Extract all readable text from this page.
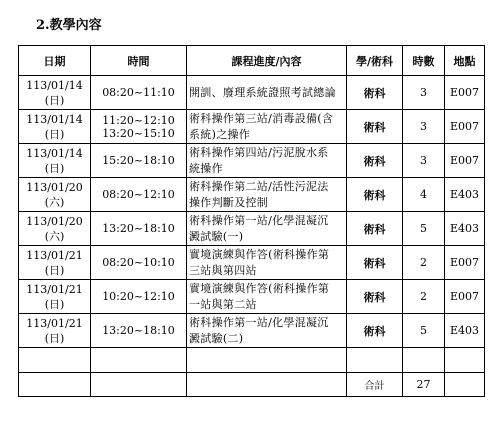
2.教學內容
日期	時間	課程進度/內容	學/術科	時數	地點

113/01/14
(日)	08:20~11:10	開訓、廢理系統證照考試總論	術科	3	E007

113/01/14
(日)	11:20~12:10
13:20~15:10	術科操作第三站/消毒設備(含
系統)之操作	術科	3	E007

113/01/14
(日)	15:20~18:10	術科操作第四站/污泥脫水系
統操作	術科	3	E007

113/01/20
(六)	08:20~12:10	術科操作第二站/活性污泥法
操作判斷及控制	術科	4	E403

113/01/20
(六)	13:20~18:10	術科操作第一站/化學混凝沉
澱試驗(一)	術科	5	E403

113/01/21
(日)	08:20~10:10	實境演練與作答(術科操作第
三站與第四站	術科	2	E007

113/01/21
(日)	10:20~12:10	實境演練與作答(術科操作第
一站與第二站	術科	2	E007

113/01/21
(日)	13:20~18:10	術科操作第一站/化學混凝沉
澱試驗(二)	術科	5	E403

			合計	27	
